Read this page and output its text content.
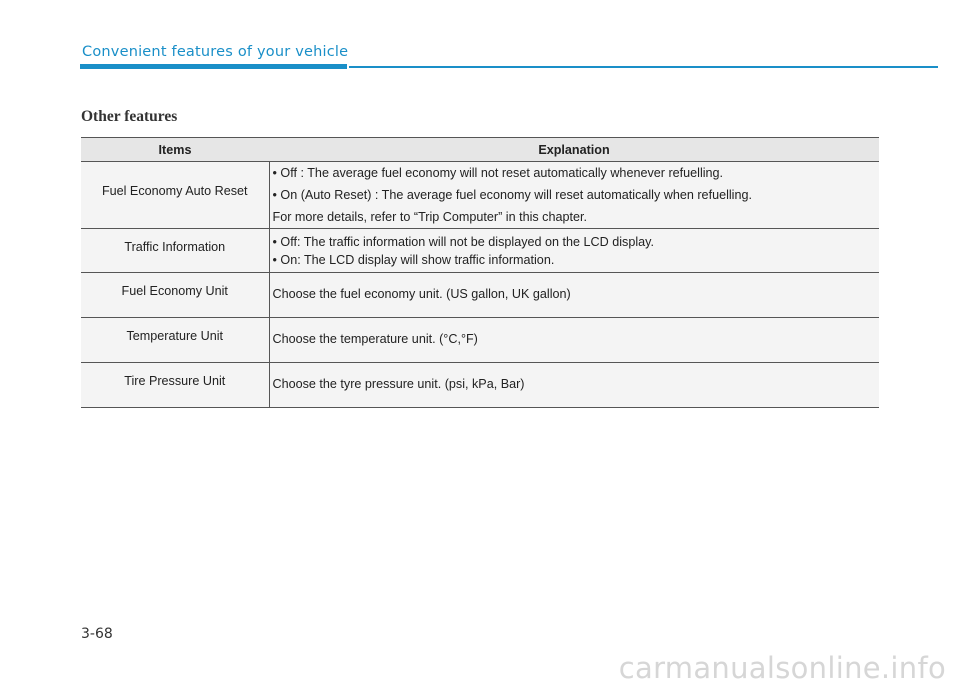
Convenient features of your vehicle
Other features
Items	Explanation
Fuel Economy Auto Reset	• Off : The average fuel economy will not reset automatically whenever refuelling.
• On (Auto Reset) : The average fuel economy will reset automatically when refuelling.
For more details, refer to “Trip Computer” in this chapter.

Traffic Information	• Off: The traffic information will not be displayed on the LCD display.
• On: The LCD display will show traffic information.

Fuel Economy Unit	Choose the fuel economy unit. (US gallon, UK gallon)

Temperature Unit	Choose the temperature unit. (°C,°F)

Tire Pressure Unit	Choose the tyre pressure unit. (psi, kPa, Bar)
3-68
carmanualsonline.info
